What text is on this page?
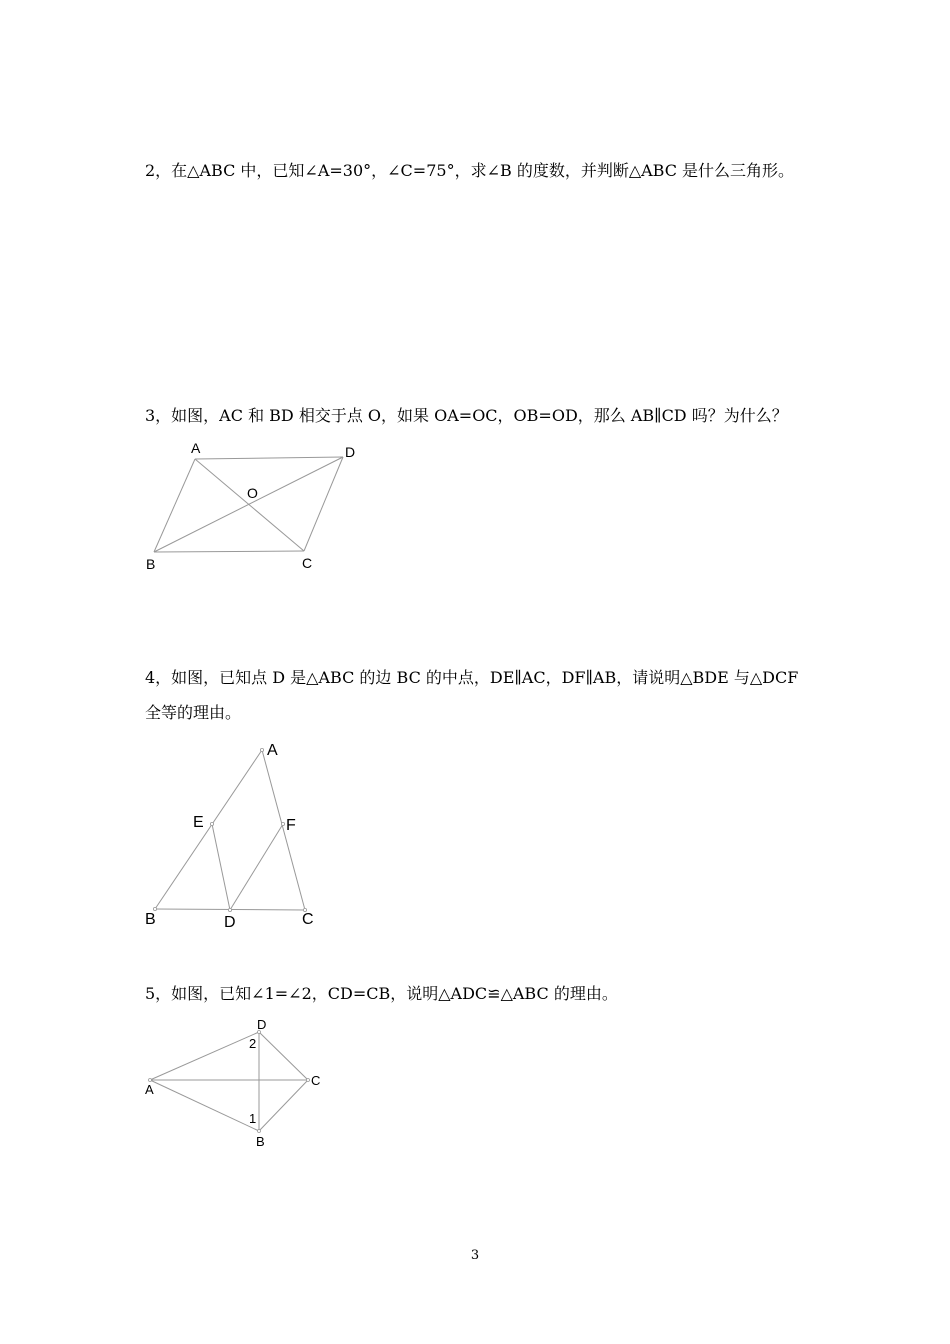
2，在△ABC 中，已知∠A=30°，∠C=75°，求∠B 的度数，并判断△ABC 是什么三角形。
3，如图，AC 和 BD 相交于点 O，如果 OA=OC，OB=OD，那么 AB∥CD 吗？为什么？
A	D
O
B	C
4，如图，已知点 D 是△ABC 的边 BC 的中点，DE∥AC，DF∥AB，请说明△BDE 与△DCF 全等的理由。
A
E	F
B	D	C
5，如图，已知∠1=∠2，CD=CB，说明△ADC≌△ABC 的理由。
D
2
C
A
1
B
3
